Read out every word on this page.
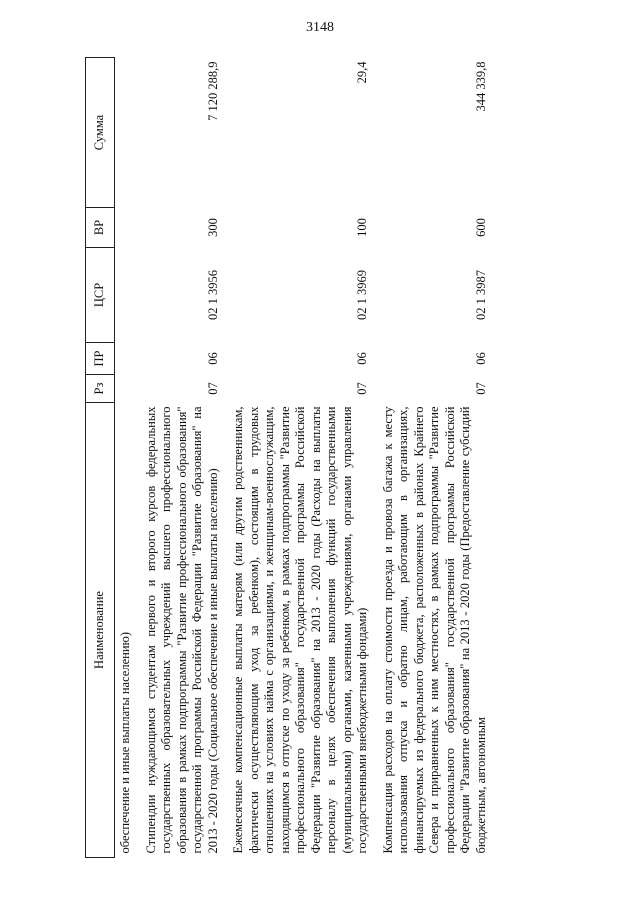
3148
Наименование	Рз	ПР	ЦСР	ВР	Сумма
обеспечение и иные выплаты населению)					
Стипендии нуждающимся студентам первого и второго курсов федеральных государственных образовательных учреждений высшего профессионального образования в рамках подпрограммы "Развитие профессионального образования" государственной программы Российской Федерации "Развитие образования" на 2013 - 2020 годы (Социальное обеспечение и иные выплаты населению)	07	06	02 1 3956	300	7 120 288,9
Ежемесячные компенсационные выплаты матерям (или другим родственникам, фактически осуществляющим уход за ребенком), состоящим в трудовых отношениях на условиях найма с организациями, и женщинам-военнослужащим, находящимся в отпуске по уходу за ребенком, в рамках подпрограммы "Развитие профессионального образования" государственной программы Российской Федерации "Развитие образования" на 2013 - 2020 годы (Расходы на выплаты персоналу в целях обеспечения выполнения функций государственными (муниципальными) органами, казенными учреждениями, органами управления государственными внебюджетными фондами)	07	06	02 1 3969	100	29,4
Компенсация расходов на оплату стоимости проезда и провоза багажа к месту использования отпуска и обратно лицам, работающим в организациях, финансируемых из федерального бюджета, расположенных в районах Крайнего Севера и приравненных к ним местностях, в рамках подпрограммы "Развитие профессионального образования" государственной программы Российской Федерации "Развитие образования" на 2013 - 2020 годы (Предоставление субсидий бюджетным, автономным	07	06	02 1 3987	600	344 339,8
